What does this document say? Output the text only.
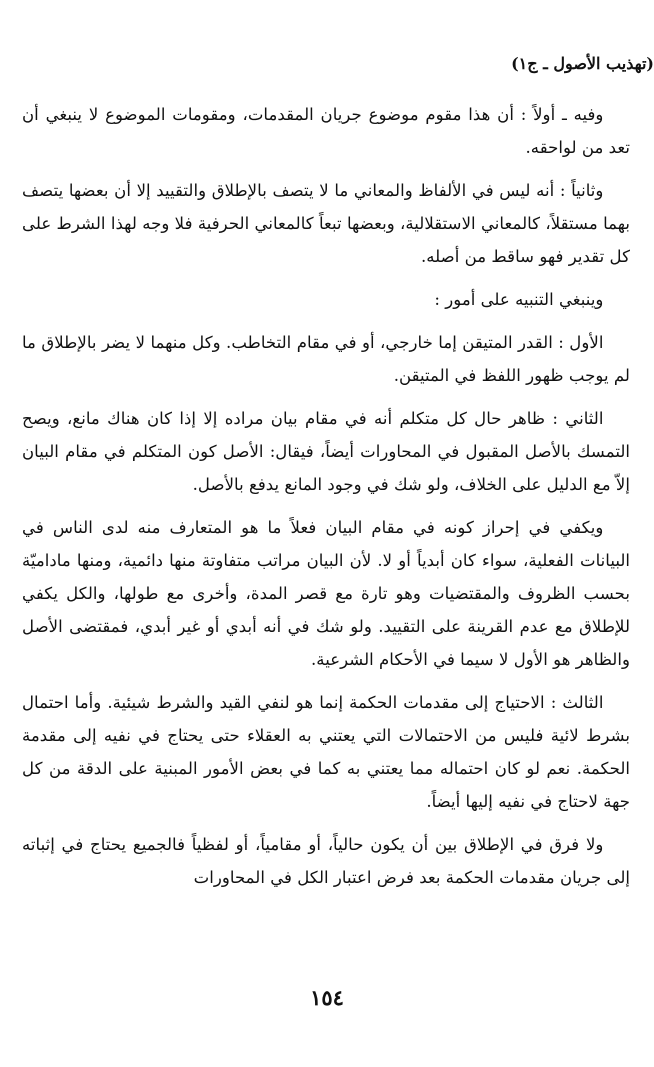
(تهذيب الأصول ـ ج١)

وفيه ـ أولاً : أن هذا مقوم موضوع جريان المقدمات، ومقومات الموضوع لا ينبغي أن تعد من لواحقه.

وثانياً : أنه ليس في الألفاظ والمعاني ما لا يتصف بالإطلاق والتقييد إلا أن بعضها يتصف بهما مستقلاً، كالمعاني الاستقلالية، وبعضها تبعاً كالمعاني الحرفية فلا وجه لهذا الشرط على كل تقدير فهو ساقط من أصله.

وينبغي التنبيه على أمور :

الأول : القدر المتيقن إما خارجي، أو في مقام التخاطب. وكل منهما لا يضر بالإطلاق ما لم يوجب ظهور اللفظ في المتيقن.

الثاني : ظاهر حال كل متكلم أنه في مقام بيان مراده إلا إذا كان هناك مانع، ويصح التمسك بالأصل المقبول في المحاورات أيضاً، فيقال: الأصل كون المتكلم في مقام البيان إلاّ مع الدليل على الخلاف، ولو شك في وجود المانع يدفع بالأصل.

ويكفي في إحراز كونه في مقام البيان فعلاً ما هو المتعارف منه لدى الناس في البيانات الفعلية، سواء كان أبدياً أو لا. لأن البيان مراتب متفاوتة منها دائمية، ومنها ماداميّة بحسب الظروف والمقتضيات وهو تارة مع قصر المدة، وأخرى مع طولها، والكل يكفي للإطلاق مع عدم القرينة على التقييد. ولو شك في أنه أبدي أو غير أبدي، فمقتضى الأصل والظاهر هو الأول لا سيما في الأحكام الشرعية.

الثالث : الاحتياج إلى مقدمات الحكمة إنما هو لنفي القيد والشرط شيئية. وأما احتمال بشرط لائية فليس من الاحتمالات التي يعتني به العقلاء حتى يحتاج في نفيه إلى مقدمة الحكمة. نعم لو كان احتماله مما يعتني به كما في بعض الأمور المبنية على الدقة من كل جهة لاحتاج في نفيه إليها أيضاً.

ولا فرق في الإطلاق بين أن يكون حالياً، أو مقامياً، أو لفظياً فالجميع يحتاج في إثباته إلى جريان مقدمات الحكمة بعد فرض اعتبار الكل في المحاورات

١٥٤
